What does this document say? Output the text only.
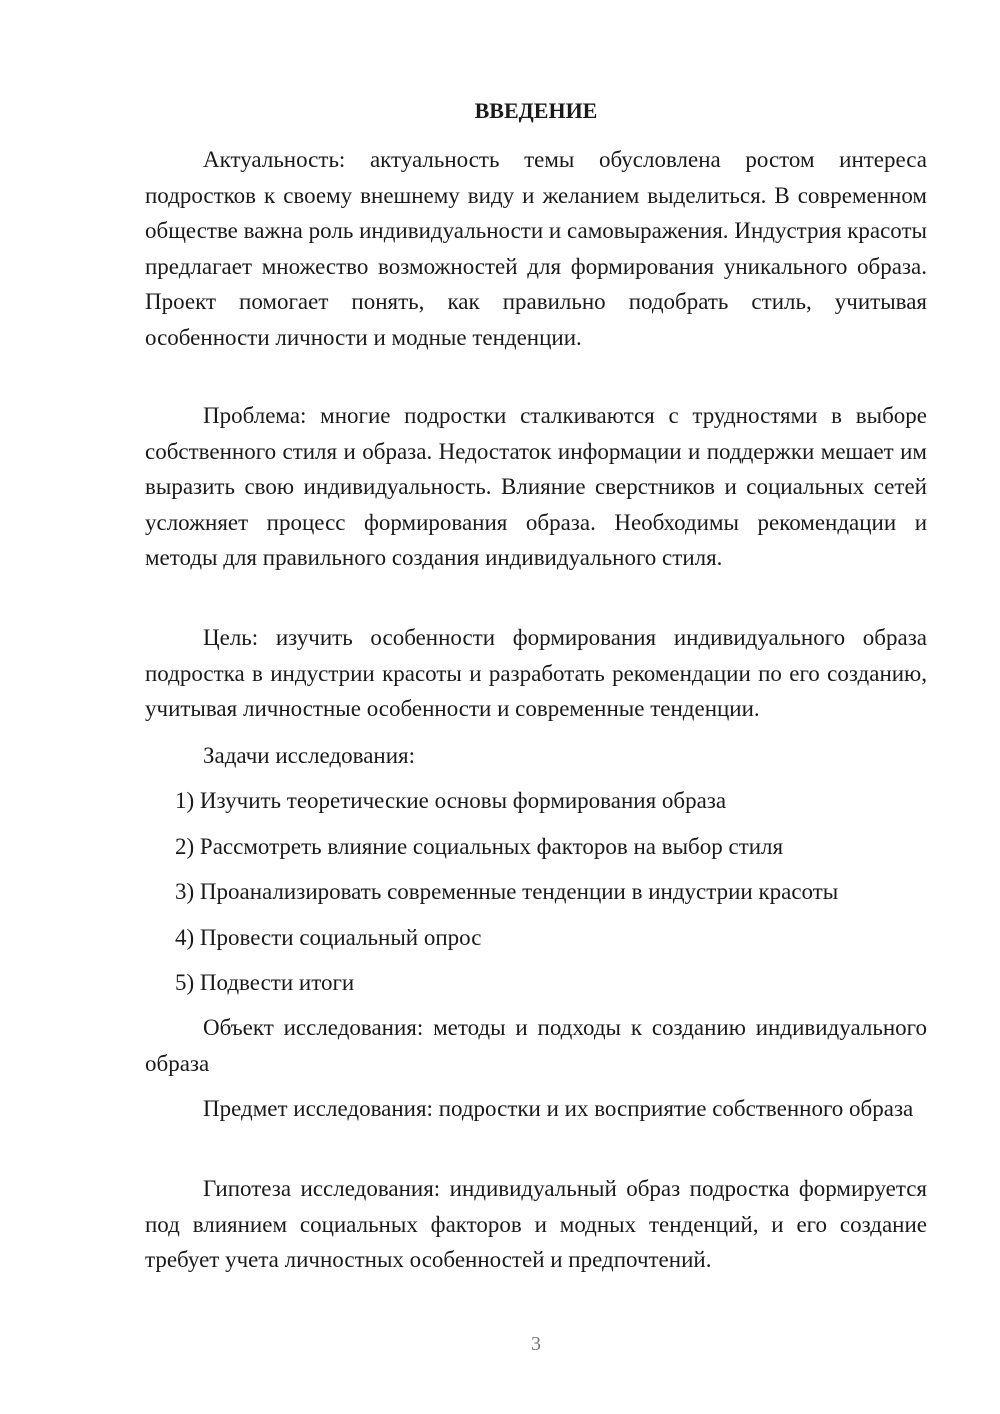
ВВЕДЕНИЕ

Актуальность: актуальность темы обусловлена ростом интереса подростков к своему внешнему виду и желанием выделиться. В современном обществе важна роль индивидуальности и самовыражения. Индустрия красоты предлагает множество возможностей для формирования уникального образа. Проект помогает понять, как правильно подобрать стиль, учитывая особенности личности и модные тенденции.

Проблема: многие подростки сталкиваются с трудностями в выборе собственного стиля и образа. Недостаток информации и поддержки мешает им выразить свою индивидуальность. Влияние сверстников и социальных сетей усложняет процесс формирования образа. Необходимы рекомендации и методы для правильного создания индивидуального стиля.

Цель: изучить особенности формирования индивидуального образа подростка в индустрии красоты и разработать рекомендации по его созданию, учитывая личностные особенности и современные тенденции.

Задачи исследования:

1) Изучить теоретические основы формирования образа
2) Рассмотреть влияние социальных факторов на выбор стиля
3) Проанализировать современные тенденции в индустрии красоты
4) Провести социальный опрос
5) Подвести итоги

Объект исследования: методы и подходы к созданию индивидуального образа

Предмет исследования: подростки и их восприятие собственного образа

Гипотеза исследования: индивидуальный образ подростка формируется под влиянием социальных факторов и модных тенденций, и его создание требует учета личностных особенностей и предпочтений.

3
